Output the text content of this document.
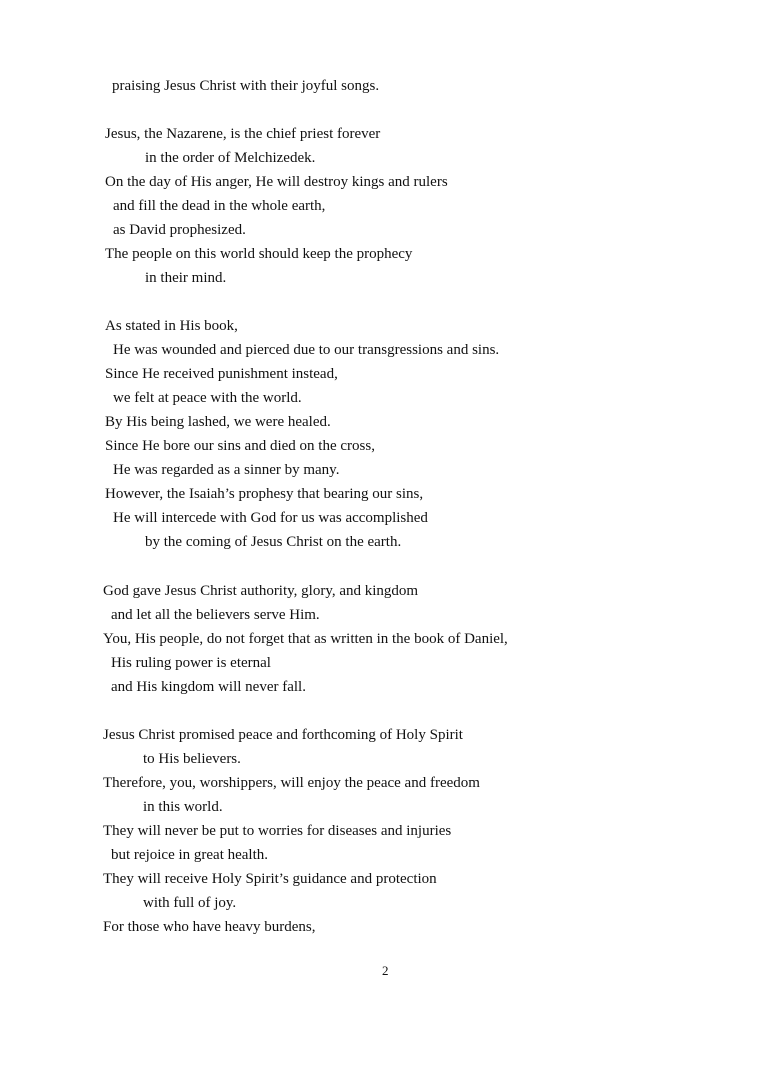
praising Jesus Christ with their joyful songs.
Jesus, the Nazarene, is the chief priest forever
in the order of Melchizedek.
On the day of His anger, He will destroy kings and rulers
and fill the dead in the whole earth,
as David prophesized.
The people on this world should keep the prophecy
in their mind.
As stated in His book,
He was wounded and pierced due to our transgressions and sins.
Since He received punishment instead,
we felt at peace with the world.
By His being lashed, we were healed.
Since He bore our sins and died on the cross,
He was regarded as a sinner by many.
However, the Isaiah’s prophesy that bearing our sins,
He will intercede with God for us was accomplished
by the coming of Jesus Christ on the earth.
God gave Jesus Christ authority, glory, and kingdom
and let all the believers serve Him.
You, His people, do not forget that as written in the book of Daniel,
His ruling power is eternal
and His kingdom will never fall.
Jesus Christ promised peace and forthcoming of Holy Spirit
to His believers.
Therefore, you, worshippers, will enjoy the peace and freedom
in this world.
They will never be put to worries for diseases and injuries
but rejoice in great health.
They will receive Holy Spirit’s guidance and protection
with full of joy.
For those who have heavy burdens,
2
